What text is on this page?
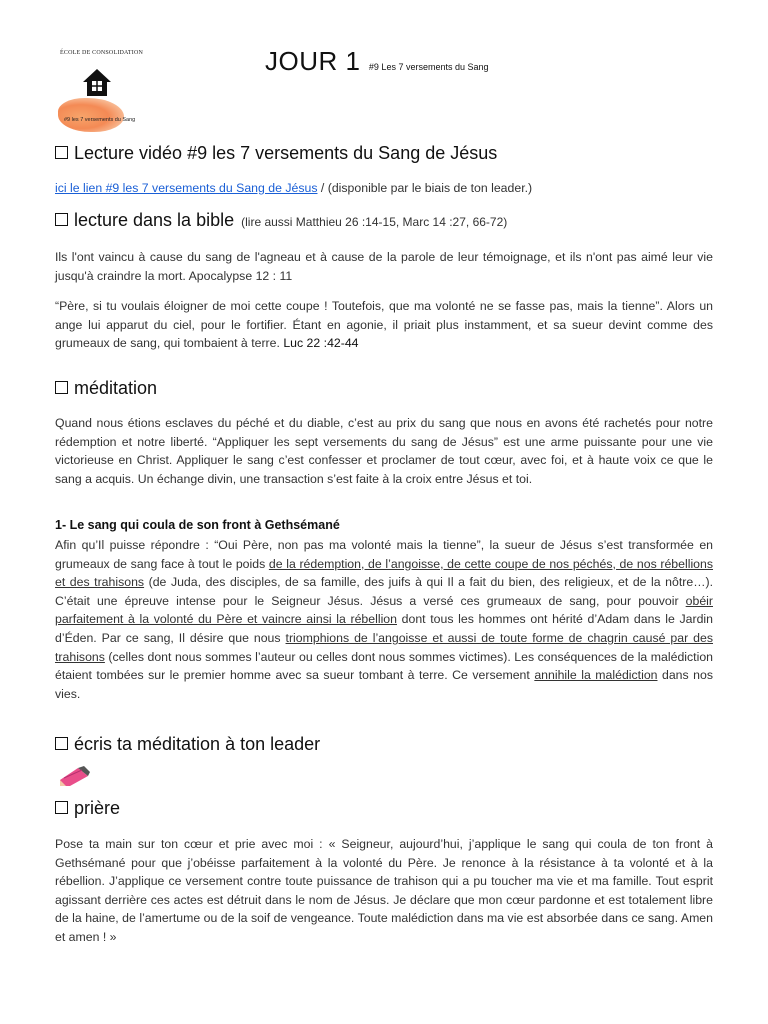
ÉCOLE DE CONSOLIDATION
#9 les 7 versements du Sang
JOUR 1 #9 Les 7 versements du Sang
Lecture vidéo #9 les 7 versements du Sang de Jésus
ici le lien #9 les 7 versements du Sang de Jésus / (disponible par le biais de ton leader.)
lecture dans la bible (lire aussi Matthieu 26 :14-15, Marc 14 :27, 66-72)
Ils l'ont vaincu à cause du sang de l'agneau et à cause de la parole de leur témoignage, et ils n'ont pas aimé leur vie jusqu'à craindre la mort. Apocalypse 12 : 11
“Père, si tu voulais éloigner de moi cette coupe ! Toutefois, que ma volonté ne se fasse pas, mais la tienne”. Alors un ange lui apparut du ciel, pour le fortifier. Étant en agonie, il priait plus instamment, et sa sueur devint comme des grumeaux de sang, qui tombaient à terre. Luc 22 :42-44
méditation
Quand nous étions esclaves du péché et du diable, c’est au prix du sang que nous en avons été rachetés pour notre rédemption et notre liberté. “Appliquer les sept versements du sang de Jésus” est une arme puissante pour une vie victorieuse en Christ. Appliquer le sang c’est confesser et proclamer de tout cœur, avec foi, et à haute voix ce que le sang a acquis. Un échange divin, une transaction s’est faite à la croix entre Jésus et toi.
1- Le sang qui coula de son front à Gethsémané
Afin qu’Il puisse répondre : “Oui Père, non pas ma volonté mais la tienne”, la sueur de Jésus s’est transformée en grumeaux de sang face à tout le poids de la rédemption, de l’angoisse, de cette coupe de nos péchés, de nos rébellions et des trahisons (de Juda, des disciples, de sa famille, des juifs à qui Il a fait du bien, des religieux, et de la nôtre…). C’était une épreuve intense pour le Seigneur Jésus. Jésus a versé ces grumeaux de sang, pour pouvoir obéir parfaitement à la volonté du Père et vaincre ainsi la rébellion dont tous les hommes ont hérité d’Adam dans le Jardin d’Éden. Par ce sang, Il désire que nous triomphions de l’angoisse et aussi de toute forme de chagrin causé par des trahisons (celles dont nous sommes l’auteur ou celles dont nous sommes victimes). Les conséquences de la malédiction étaient tombées sur le premier homme avec sa sueur tombant à terre. Ce versement annihile la malédiction dans nos vies.
écris ta méditation à ton leader
prière
Pose ta main sur ton cœur et prie avec moi : « Seigneur, aujourd’hui, j’applique le sang qui coula de ton front à Gethsémané pour que j’obéisse parfaitement à la volonté du Père. Je renonce à la résistance à ta volonté et à la rébellion. J’applique ce versement contre toute puissance de trahison qui a pu toucher ma vie et ma famille. Tout esprit agissant derrière ces actes est détruit dans le nom de Jésus. Je déclare que mon cœur pardonne et est totalement libre de la haine, de l’amertume ou de la soif de vengeance. Toute malédiction dans ma vie est absorbée dans ce sang. Amen et amen ! »
